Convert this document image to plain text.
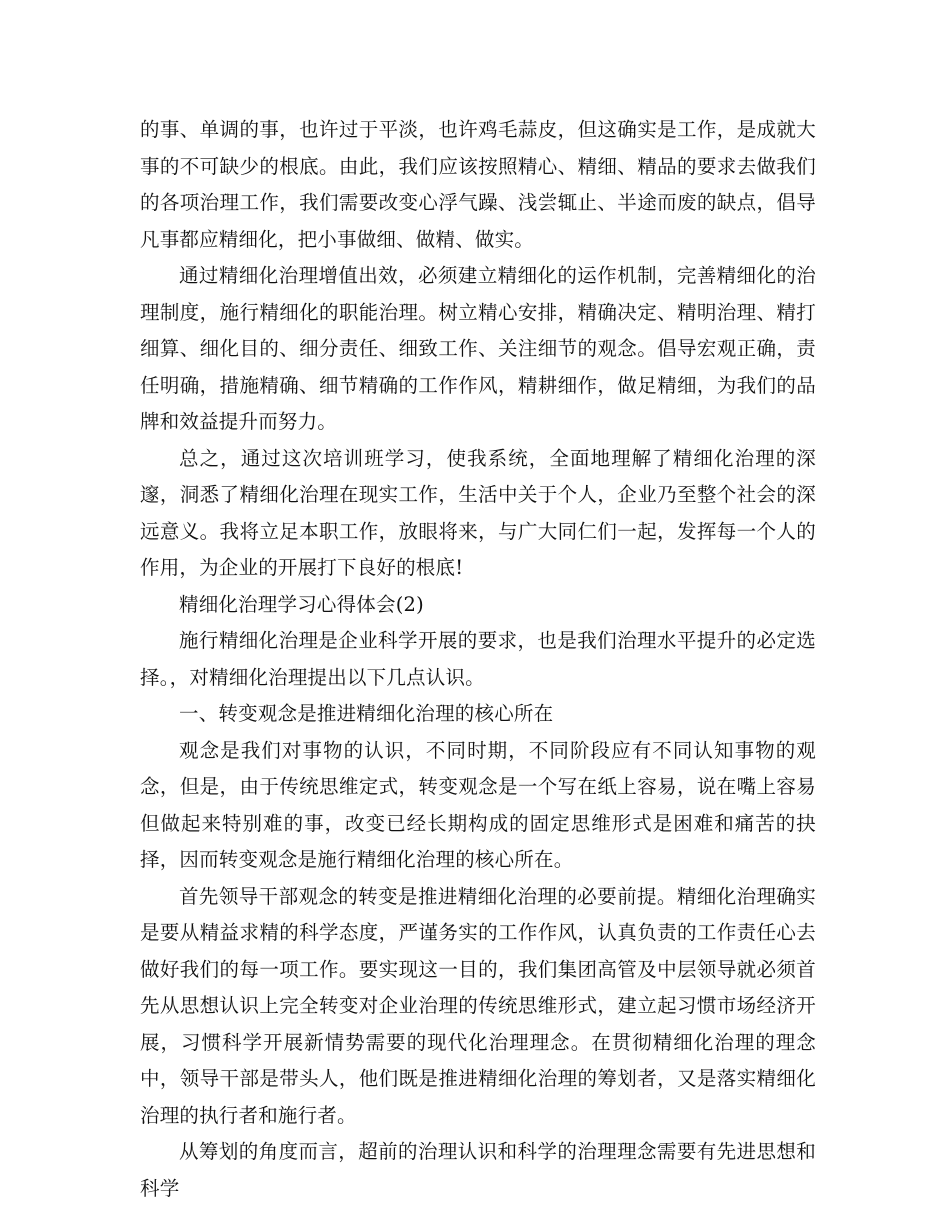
的事、单调的事，也许过于平淡，也许鸡毛蒜皮，但这确实是工作，是成就大事的不可缺少的根底。由此，我们应该按照精心、精细、精品的要求去做我们的各项治理工作，我们需要改变心浮气躁、浅尝辄止、半途而废的缺点，倡导凡事都应精细化，把小事做细、做精、做实。

通过精细化治理增值出效，必须建立精细化的运作机制，完善精细化的治理制度，施行精细化的职能治理。树立精心安排，精确决定、精明治理、精打细算、细化目的、细分责任、细致工作、关注细节的观念。倡导宏观正确，责任明确，措施精确、细节精确的工作作风，精耕细作，做足精细，为我们的品牌和效益提升而努力。

总之，通过这次培训班学习，使我系统，全面地理解了精细化治理的深邃，洞悉了精细化治理在现实工作，生活中关于个人，企业乃至整个社会的深远意义。我将立足本职工作，放眼将来，与广大同仁们一起，发挥每一个人的作用，为企业的开展打下良好的根底!

精细化治理学习心得体会(2)

施行精细化治理是企业科学开展的要求，也是我们治理水平提升的必定选择。，对精细化治理提出以下几点认识。

一、转变观念是推进精细化治理的核心所在

观念是我们对事物的认识，不同时期，不同阶段应有不同认知事物的观念，但是，由于传统思维定式，转变观念是一个写在纸上容易，说在嘴上容易但做起来特别难的事，改变已经长期构成的固定思维形式是困难和痛苦的抉择，因而转变观念是施行精细化治理的核心所在。

首先领导干部观念的转变是推进精细化治理的必要前提。精细化治理确实是要从精益求精的科学态度，严谨务实的工作作风，认真负责的工作责任心去做好我们的每一项工作。要实现这一目的，我们集团高管及中层领导就必须首先从思想认识上完全转变对企业治理的传统思维形式，建立起习惯市场经济开展，习惯科学开展新情势需要的现代化治理理念。在贯彻精细化治理的理念中，领导干部是带头人，他们既是推进精细化治理的筹划者，又是落实精细化治理的执行者和施行者。

从筹划的角度而言，超前的治理认识和科学的治理理念需要有先进思想和科学
